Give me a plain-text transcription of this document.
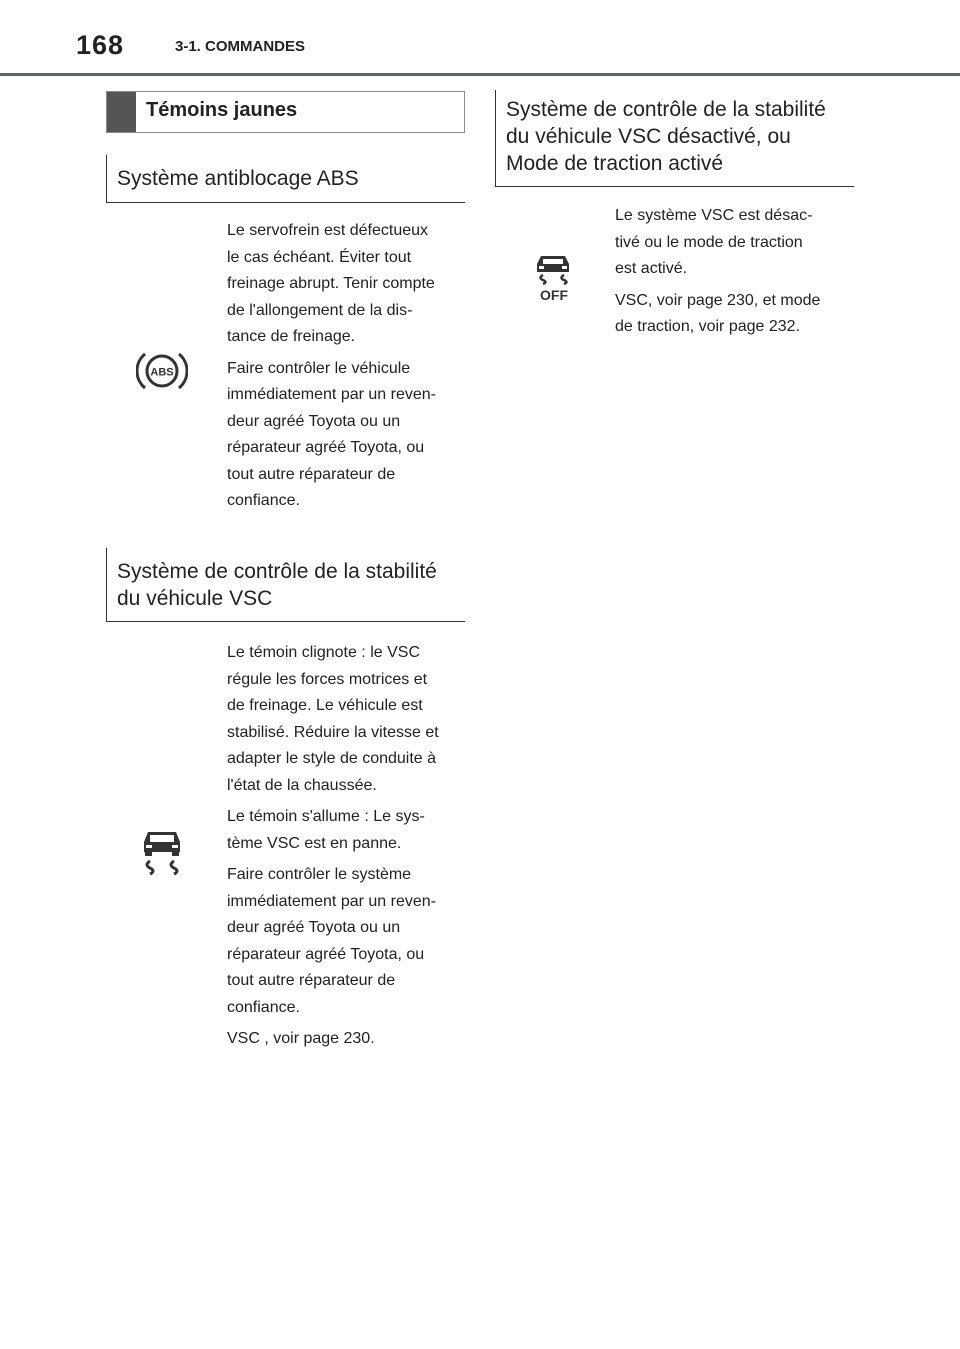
168	3-1. COMMANDES
Témoins jaunes
Système antiblocage ABS
ABS
Le servofrein est défectueux
le cas échéant. Éviter tout
freinage abrupt. Tenir compte
de l'allongement de la dis-
tance de freinage.
Faire contrôler le véhicule
immédiatement par un reven-
deur agréé Toyota ou un
réparateur agréé Toyota, ou
tout autre réparateur de
confiance.
Système de contrôle de la stabilité
du véhicule VSC
Le témoin clignote : le VSC
régule les forces motrices et
de freinage. Le véhicule est
stabilisé. Réduire la vitesse et
adapter le style de conduite à
l'état de la chaussée.
Le témoin s'allume : Le sys-
tème VSC est en panne.
Faire contrôler le système
immédiatement par un reven-
deur agréé Toyota ou un
réparateur agréé Toyota, ou
tout autre réparateur de
confiance.
VSC , voir page 230.
Système de contrôle de la stabilité
du véhicule VSC désactivé, ou
Mode de traction activé
OFF
Le système VSC est désac-
tivé ou le mode de traction
est activé.
VSC, voir page 230, et mode
de traction, voir page 232.
